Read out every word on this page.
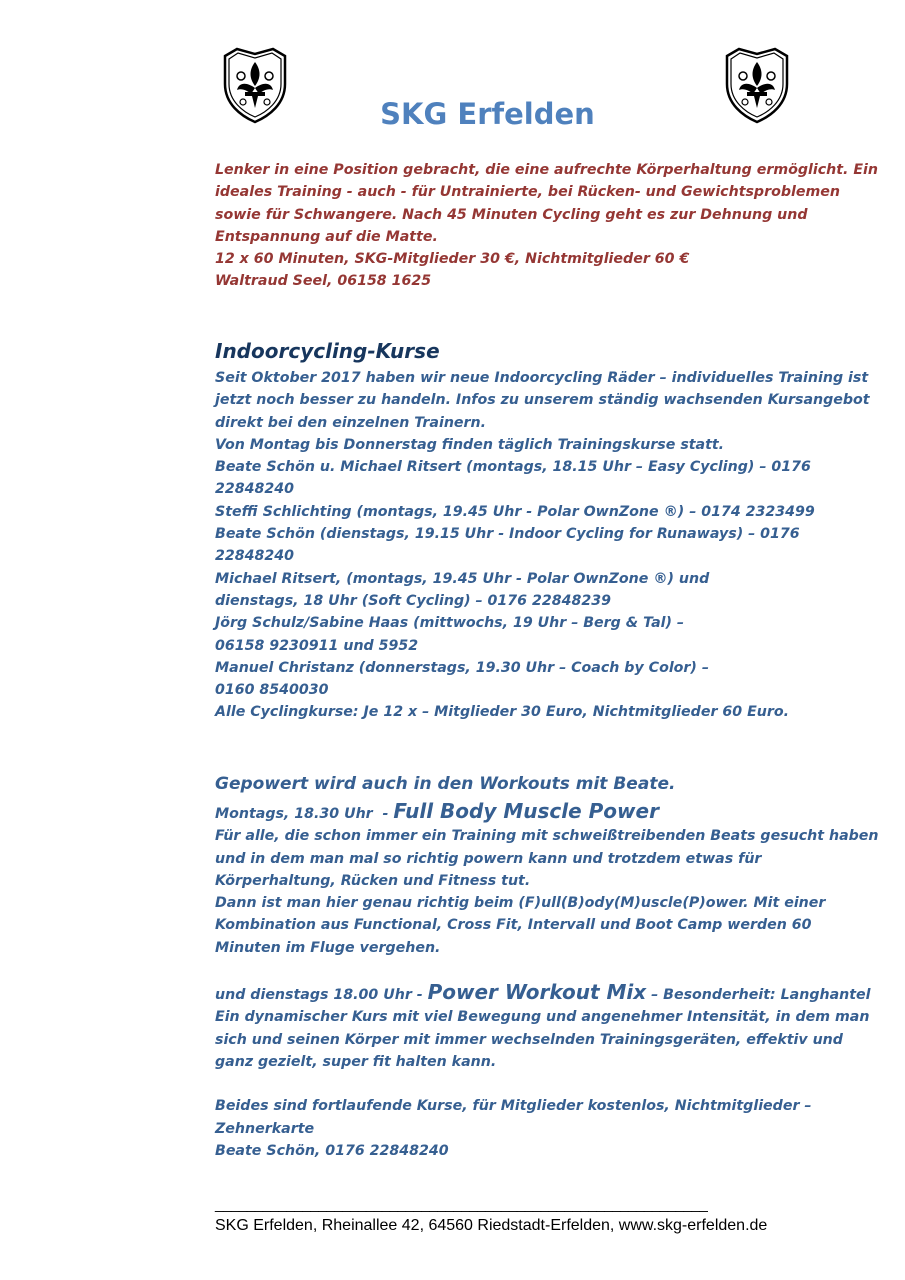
SKG Erfelden
Lenker in eine Position gebracht, die eine aufrechte Körperhaltung ermöglicht. Ein
ideales Training - auch - für Untrainierte, bei Rücken- und Gewichtsproblemen
sowie für Schwangere. Nach 45 Minuten Cycling geht es zur Dehnung und
Entspannung auf die Matte.
12 x 60 Minuten, SKG-Mitglieder 30 €, Nichtmitglieder 60 €
Waltraud Seel, 06158 1625
Indoorcycling-Kurse
Seit Oktober 2017 haben wir neue Indoorcycling Räder – individuelles Training ist
jetzt noch besser zu handeln. Infos zu unserem ständig wachsenden Kursangebot
direkt bei den einzelnen Trainern.
Von Montag bis Donnerstag finden täglich Trainingskurse statt.
Beate Schön u. Michael Ritsert (montags, 18.15 Uhr – Easy Cycling) – 0176
22848240
Steffi Schlichting (montags, 19.45 Uhr - Polar OwnZone ®) – 0174 2323499
Beate Schön (dienstags, 19.15 Uhr - Indoor Cycling for Runaways) – 0176
22848240
Michael Ritsert, (montags, 19.45 Uhr - Polar OwnZone ®) und
dienstags, 18 Uhr (Soft Cycling) – 0176 22848239
Jörg Schulz/Sabine Haas (mittwochs, 19 Uhr – Berg & Tal) –
06158 9230911 und 5952
Manuel Christanz (donnerstags, 19.30 Uhr – Coach by Color) –
0160 8540030
Alle Cyclingkurse: Je 12 x – Mitglieder 30 Euro, Nichtmitglieder 60 Euro.
Gepowert wird auch in den Workouts mit Beate.
Montags, 18.30 Uhr  - Full Body Muscle Power
Für alle, die schon immer ein Training mit schweißtreibenden Beats gesucht haben
und in dem man mal so richtig powern kann und trotzdem etwas für
Körperhaltung, Rücken und Fitness tut.
Dann ist man hier genau richtig beim (F)ull(B)ody(M)uscle(P)ower. Mit einer
Kombination aus Functional, Cross Fit, Intervall und Boot Camp werden 60
Minuten im Fluge vergehen.
und dienstags 18.00 Uhr - Power Workout Mix – Besonderheit: Langhantel
Ein dynamischer Kurs mit viel Bewegung und angenehmer Intensität, in dem man
sich und seinen Körper mit immer wechselnden Trainingsgeräten, effektiv und
ganz gezielt, super fit halten kann.
Beides sind fortlaufende Kurse, für Mitglieder kostenlos, Nichtmitglieder –
Zehnerkarte
Beate Schön, 0176 22848240
______________________________________________________________
SKG Erfelden, Rheinallee 42, 64560 Riedstadt-Erfelden, www.skg-erfelden.de
